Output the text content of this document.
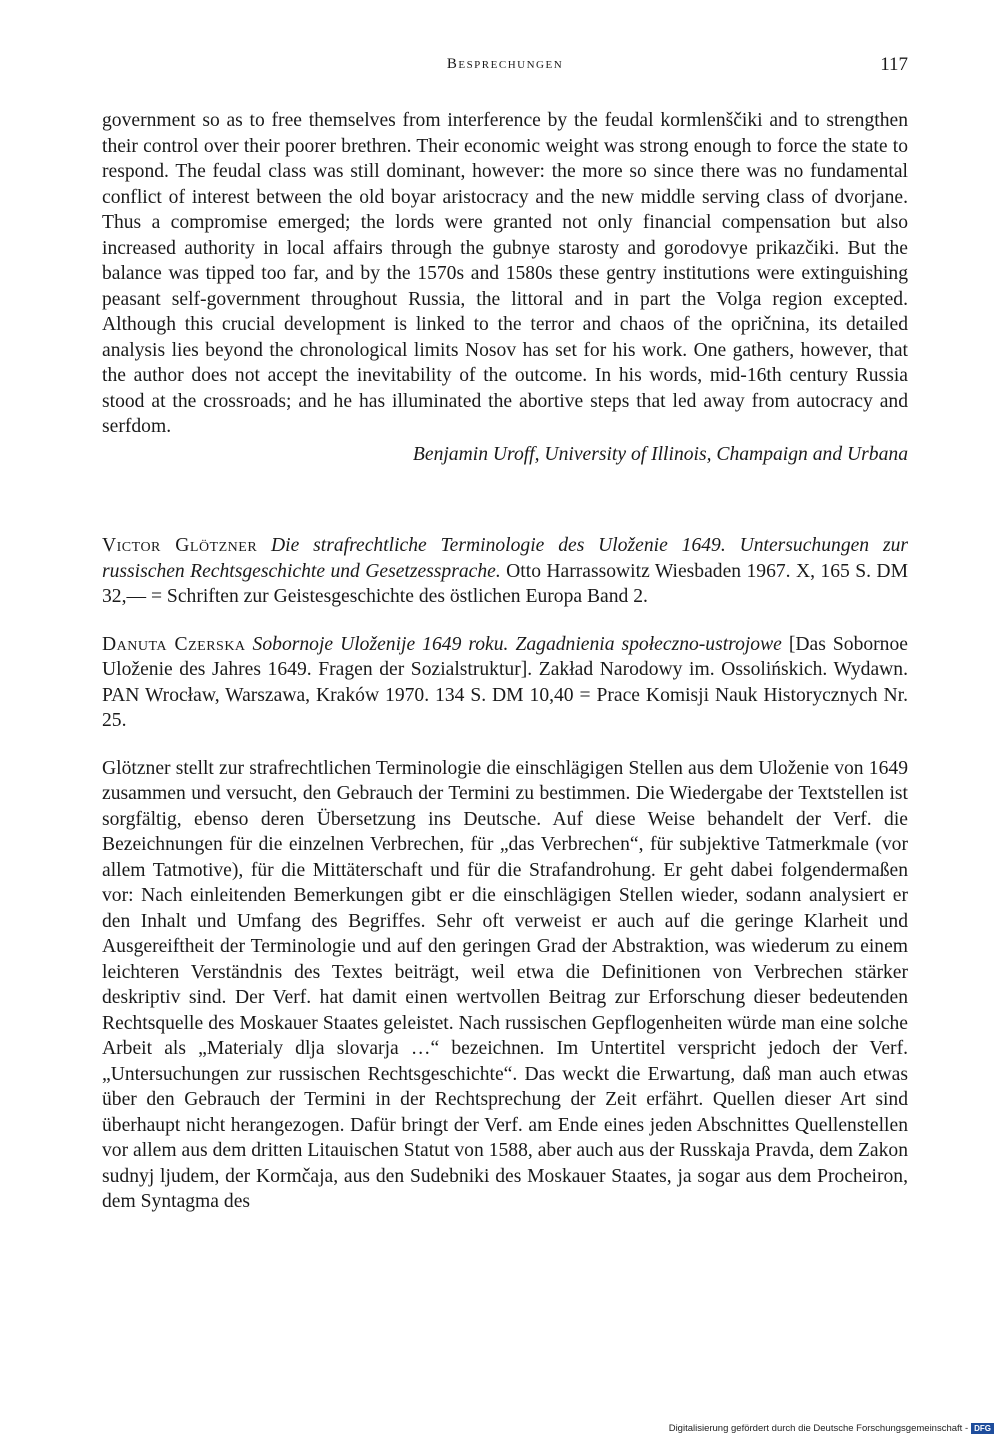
Besprechungen	117

government so as to free themselves from interference by the feudal kormlenščiki and to strengthen their control over their poorer brethren. Their economic weight was strong enough to force the state to respond. The feudal class was still dominant, however: the more so since there was no fundamental conflict of interest between the old boyar aristocracy and the new middle serving class of dvorjane. Thus a compromise emerged; the lords were granted not only financial compensation but also increased authority in local affairs through the gubnye starosty and gorodovye prikazčiki. But the balance was tipped too far, and by the 1570s and 1580s these gentry institutions were extinguishing peasant self-government throughout Russia, the littoral and in part the Volga region excepted. Although this crucial development is linked to the terror and chaos of the opričnina, its detailed analysis lies beyond the chronological limits Nosov has set for his work. One gathers, however, that the author does not accept the inevitability of the outcome. In his words, mid-16th century Russia stood at the crossroads; and he has illuminated the abortive steps that led away from autocracy and serfdom.

Benjamin Uroff, University of Illinois, Champaign and Urbana

Victor Glötzner Die strafrechtliche Terminologie des Uloženie 1649. Untersuchungen zur russischen Rechtsgeschichte und Gesetzessprache. Otto Harrassowitz Wiesbaden 1967. X, 165 S. DM 32,— = Schriften zur Geistesgeschichte des östlichen Europa Band 2.

Danuta Czerska Sobornoje Uloženije 1649 roku. Zagadnienia społeczno-ustrojowe [Das Sobornoe Uloženie des Jahres 1649. Fragen der Sozialstruktur]. Zakład Narodowy im. Ossolińskich. Wydawn. PAN Wrocław, Warszawa, Kraków 1970. 134 S. DM 10,40 = Prace Komisji Nauk Historycznych Nr. 25.

Glötzner stellt zur strafrechtlichen Terminologie die einschlägigen Stellen aus dem Uloženie von 1649 zusammen und versucht, den Gebrauch der Termini zu bestimmen. Die Wiedergabe der Textstellen ist sorgfältig, ebenso deren Übersetzung ins Deutsche. Auf diese Weise behandelt der Verf. die Bezeichnungen für die einzelnen Verbrechen, für „das Verbrechen“, für subjektive Tatmerkmale (vor allem Tatmotive), für die Mittäterschaft und für die Strafandrohung. Er geht dabei folgendermaßen vor: Nach einleitenden Bemerkungen gibt er die einschlägigen Stellen wieder, sodann analysiert er den Inhalt und Umfang des Begriffes. Sehr oft verweist er auch auf die geringe Klarheit und Ausgereiftheit der Terminologie und auf den geringen Grad der Abstraktion, was wiederum zu einem leichteren Verständnis des Textes beiträgt, weil etwa die Definitionen von Verbrechen stärker deskriptiv sind. Der Verf. hat damit einen wertvollen Beitrag zur Erforschung dieser bedeutenden Rechtsquelle des Moskauer Staates geleistet. Nach russischen Gepflogenheiten würde man eine solche Arbeit als „Materialy dlja slovarja …“ bezeichnen. Im Untertitel verspricht jedoch der Verf. „Untersuchungen zur russischen Rechtsgeschichte“. Das weckt die Erwartung, daß man auch etwas über den Gebrauch der Termini in der Rechtsprechung der Zeit erfährt. Quellen dieser Art sind überhaupt nicht herangezogen. Dafür bringt der Verf. am Ende eines jeden Abschnittes Quellenstellen vor allem aus dem dritten Litauischen Statut von 1588, aber auch aus der Russkaja Pravda, dem Zakon sudnyj ljudem, der Kormčaja, aus den Sudebniki des Moskauer Staates, ja sogar aus dem Procheiron, dem Syntagma des

Digitalisierung gefördert durch die Deutsche Forschungsgemeinschaft - DFG
